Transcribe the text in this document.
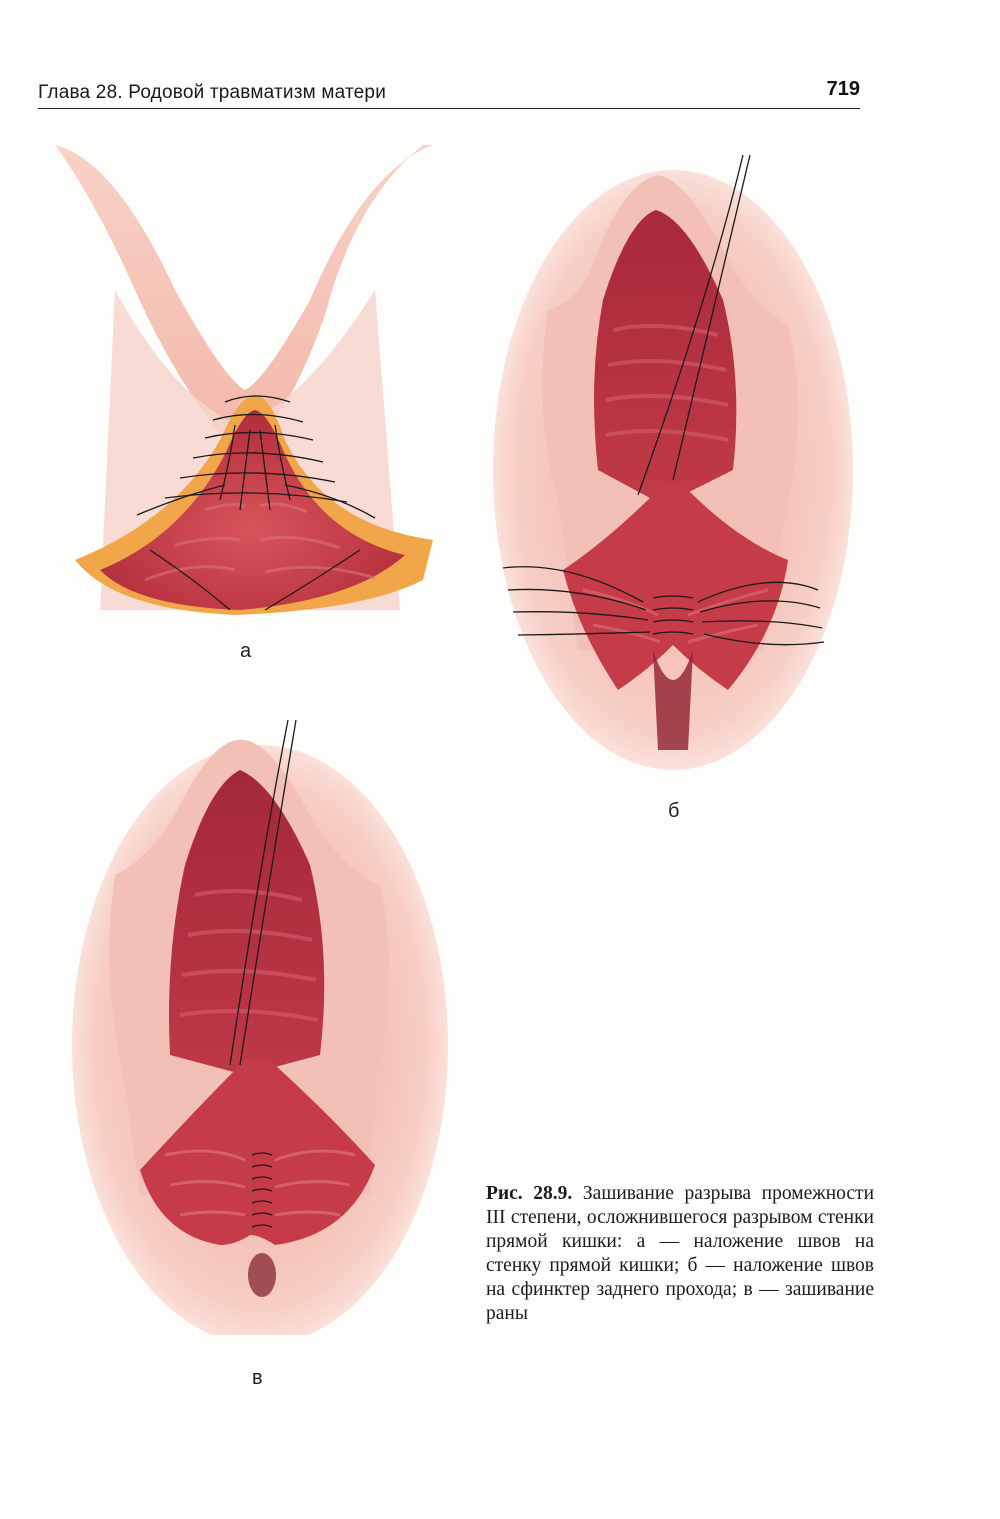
Глава 28. Родовой травматизм матери	719
а
б
в
Рис. 28.9. Зашивание разрыва промежности III степени, осложнившегося разрывом стенки прямой кишки: а — наложение швов на стенку прямой кишки; б — наложение швов на сфинктер заднего прохода; в — зашивание раны
